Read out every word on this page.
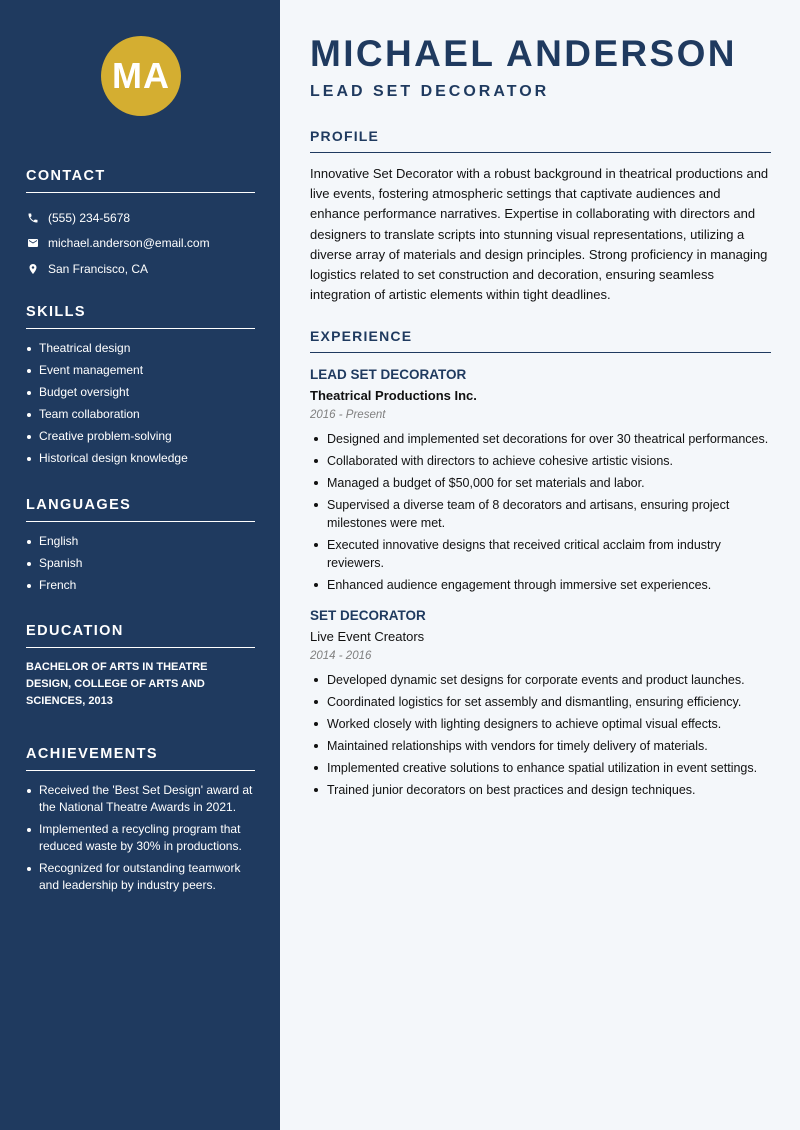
MA
CONTACT
(555) 234-5678
michael.anderson@email.com
San Francisco, CA
SKILLS
Theatrical design
Event management
Budget oversight
Team collaboration
Creative problem-solving
Historical design knowledge
LANGUAGES
English
Spanish
French
EDUCATION

BACHELOR OF ARTS IN THEATRE DESIGN, COLLEGE OF ARTS AND SCIENCES, 2013

ACHIEVEMENTS
Received the 'Best Set Design' award at the National Theatre Awards in 2021.
Implemented a recycling program that reduced waste by 30% in productions.
Recognized for outstanding teamwork and leadership by industry peers.
MICHAEL ANDERSON
LEAD SET DECORATOR
PROFILE

Innovative Set Decorator with a robust background in theatrical productions and live events, fostering atmospheric settings that captivate audiences and enhance performance narratives. Expertise in collaborating with directors and designers to translate scripts into stunning visual representations, utilizing a diverse array of materials and design principles. Strong proficiency in managing logistics related to set construction and decoration, ensuring seamless integration of artistic elements within tight deadlines.

EXPERIENCE
LEAD SET DECORATOR
Theatrical Productions Inc.
2016 - Present
Designed and implemented set decorations for over 30 theatrical performances.
Collaborated with directors to achieve cohesive artistic visions.
Managed a budget of $50,000 for set materials and labor.
Supervised a diverse team of 8 decorators and artisans, ensuring project milestones were met.
Executed innovative designs that received critical acclaim from industry reviewers.
Enhanced audience engagement through immersive set experiences.
SET DECORATOR
Live Event Creators
2014 - 2016
Developed dynamic set designs for corporate events and product launches.
Coordinated logistics for set assembly and dismantling, ensuring efficiency.
Worked closely with lighting designers to achieve optimal visual effects.
Maintained relationships with vendors for timely delivery of materials.
Implemented creative solutions to enhance spatial utilization in event settings.
Trained junior decorators on best practices and design techniques.
